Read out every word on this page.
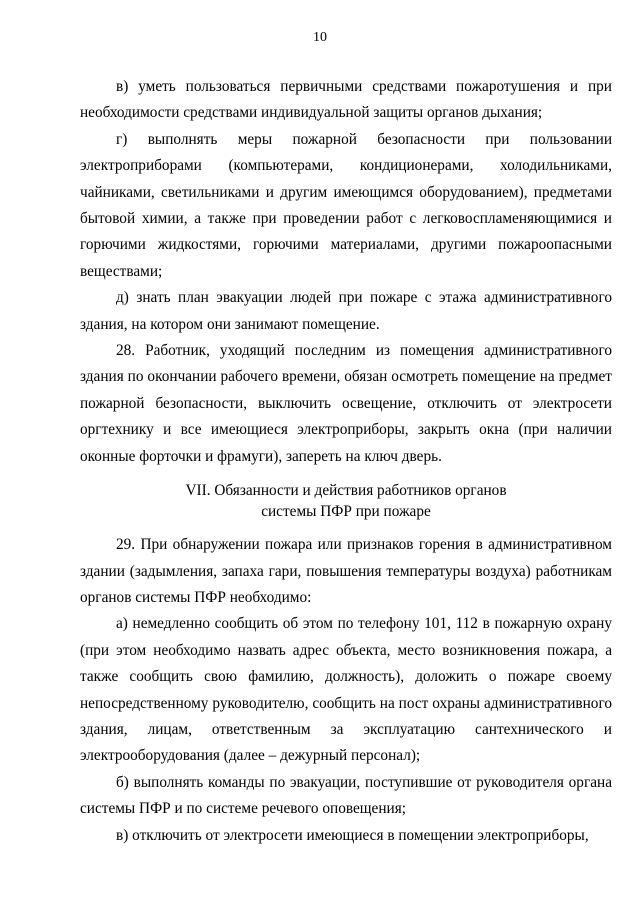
10

в) уметь пользоваться первичными средствами пожаротушения и при необходимости средствами индивидуальной защиты органов дыхания;

г) выполнять меры пожарной безопасности при пользовании электроприборами (компьютерами, кондиционерами, холодильниками, чайниками, светильниками и другим имеющимся оборудованием), предметами бытовой химии, а также при проведении работ с легковоспламеняющимися и горючими жидкостями, горючими материалами, другими пожароопасными веществами;

д) знать план эвакуации людей при пожаре с этажа административного здания, на котором они занимают помещение.

28. Работник, уходящий последним из помещения административного здания по окончании рабочего времени, обязан осмотреть помещение на предмет пожарной безопасности, выключить освещение, отключить от электросети оргтехнику и все имеющиеся электроприборы, закрыть окна (при наличии оконные форточки и фрамуги), запереть на ключ дверь.

VII. Обязанности и действия работников органов
системы ПФР при пожаре

29. При обнаружении пожара или признаков горения в административном здании (задымления, запаха гари, повышения температуры воздуха) работникам органов системы ПФР необходимо:

а) немедленно сообщить об этом по телефону 101, 112 в пожарную охрану (при этом необходимо назвать адрес объекта, место возникновения пожара, а также сообщить свою фамилию, должность), доложить о пожаре своему непосредственному руководителю, сообщить на пост охраны административного здания, лицам, ответственным за эксплуатацию сантехнического и электрооборудования (далее – дежурный персонал);

б) выполнять команды по эвакуации, поступившие от руководителя органа системы ПФР и по системе речевого оповещения;

в) отключить от электросети имеющиеся в помещении электроприборы,
